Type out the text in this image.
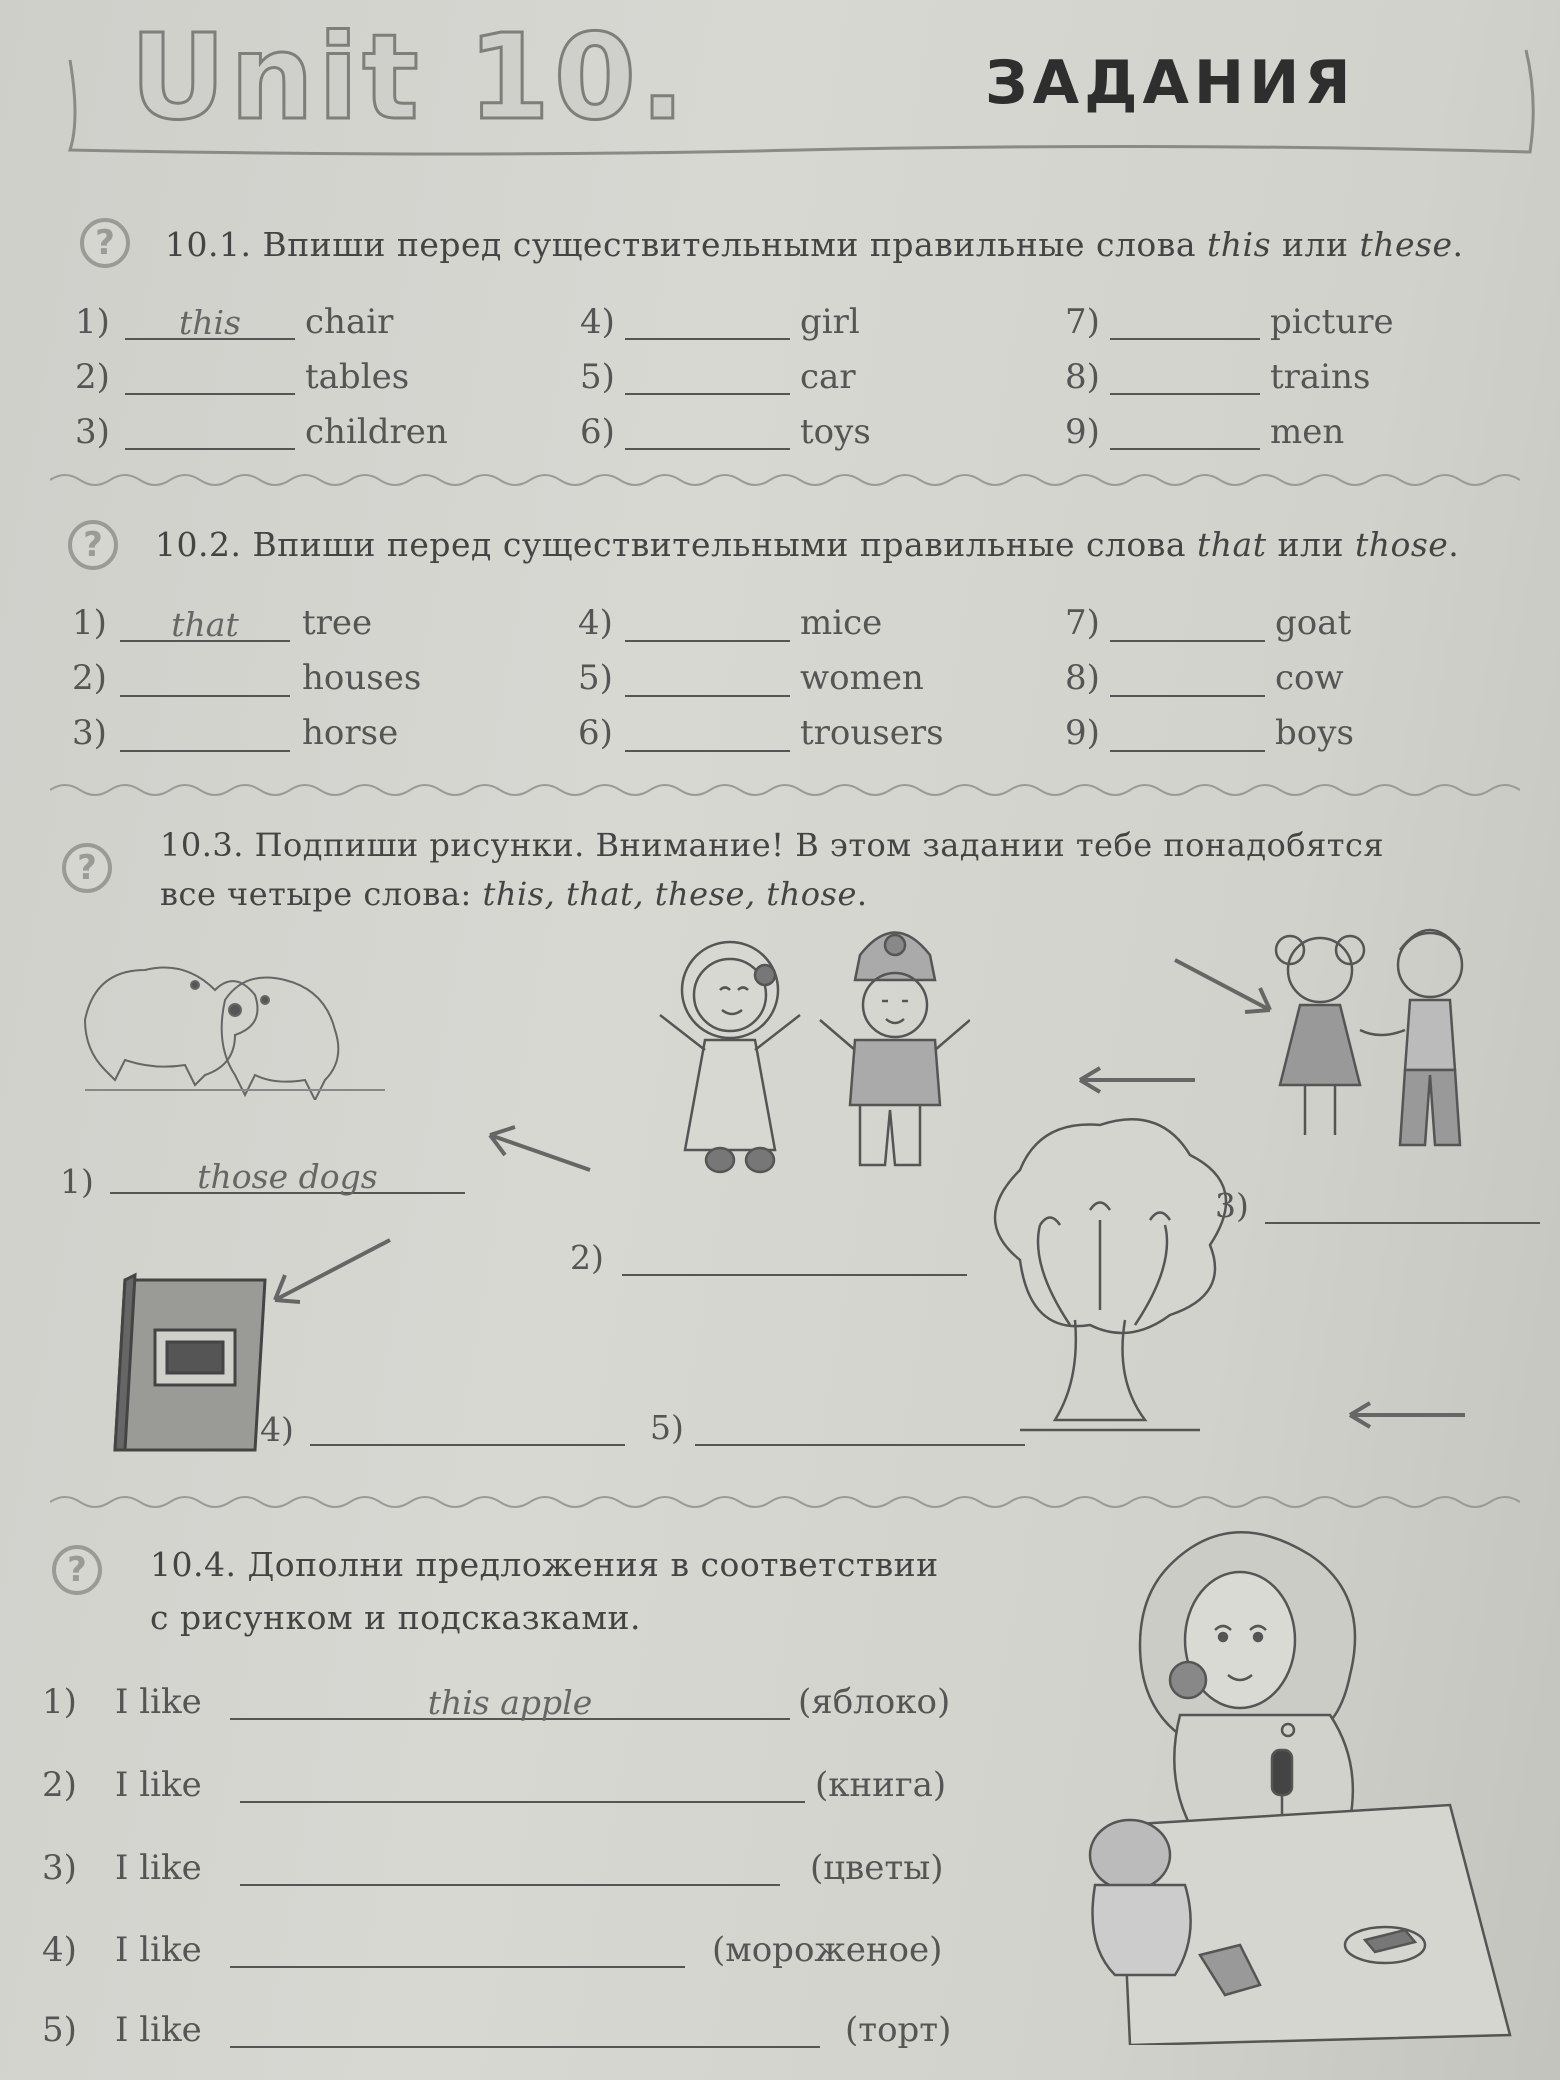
Unit 10.	ЗАДАНИЯ
?	10.1. Впиши перед существительными правильные слова this или these.
1)	this	chair
2)	tables
3)	children
4)	girl
5)	car
6)	toys
7)	picture
8)	trains
9)	men
?	10.2. Впиши перед существительными правильные слова that или those.
1)	that	tree
2)	houses
3)	horse
4)	mice
5)	women
6)	trousers
7)	goat
8)	cow
9)	boys
?
10.3. Подпиши рисунки. Внимание! В этом задании тебе понадобятся
все четыре слова: this, that, these, those.
1)	those dogs
2)
3)
4)	5)
?	10.4. Дополни предложения в соответствии
с рисунком и подсказками.
1) I like	this apple	(яблоко)
2) I like	(книга)
3) I like	(цветы)
4) I like	(мороженое)
5) I like	(торт)
